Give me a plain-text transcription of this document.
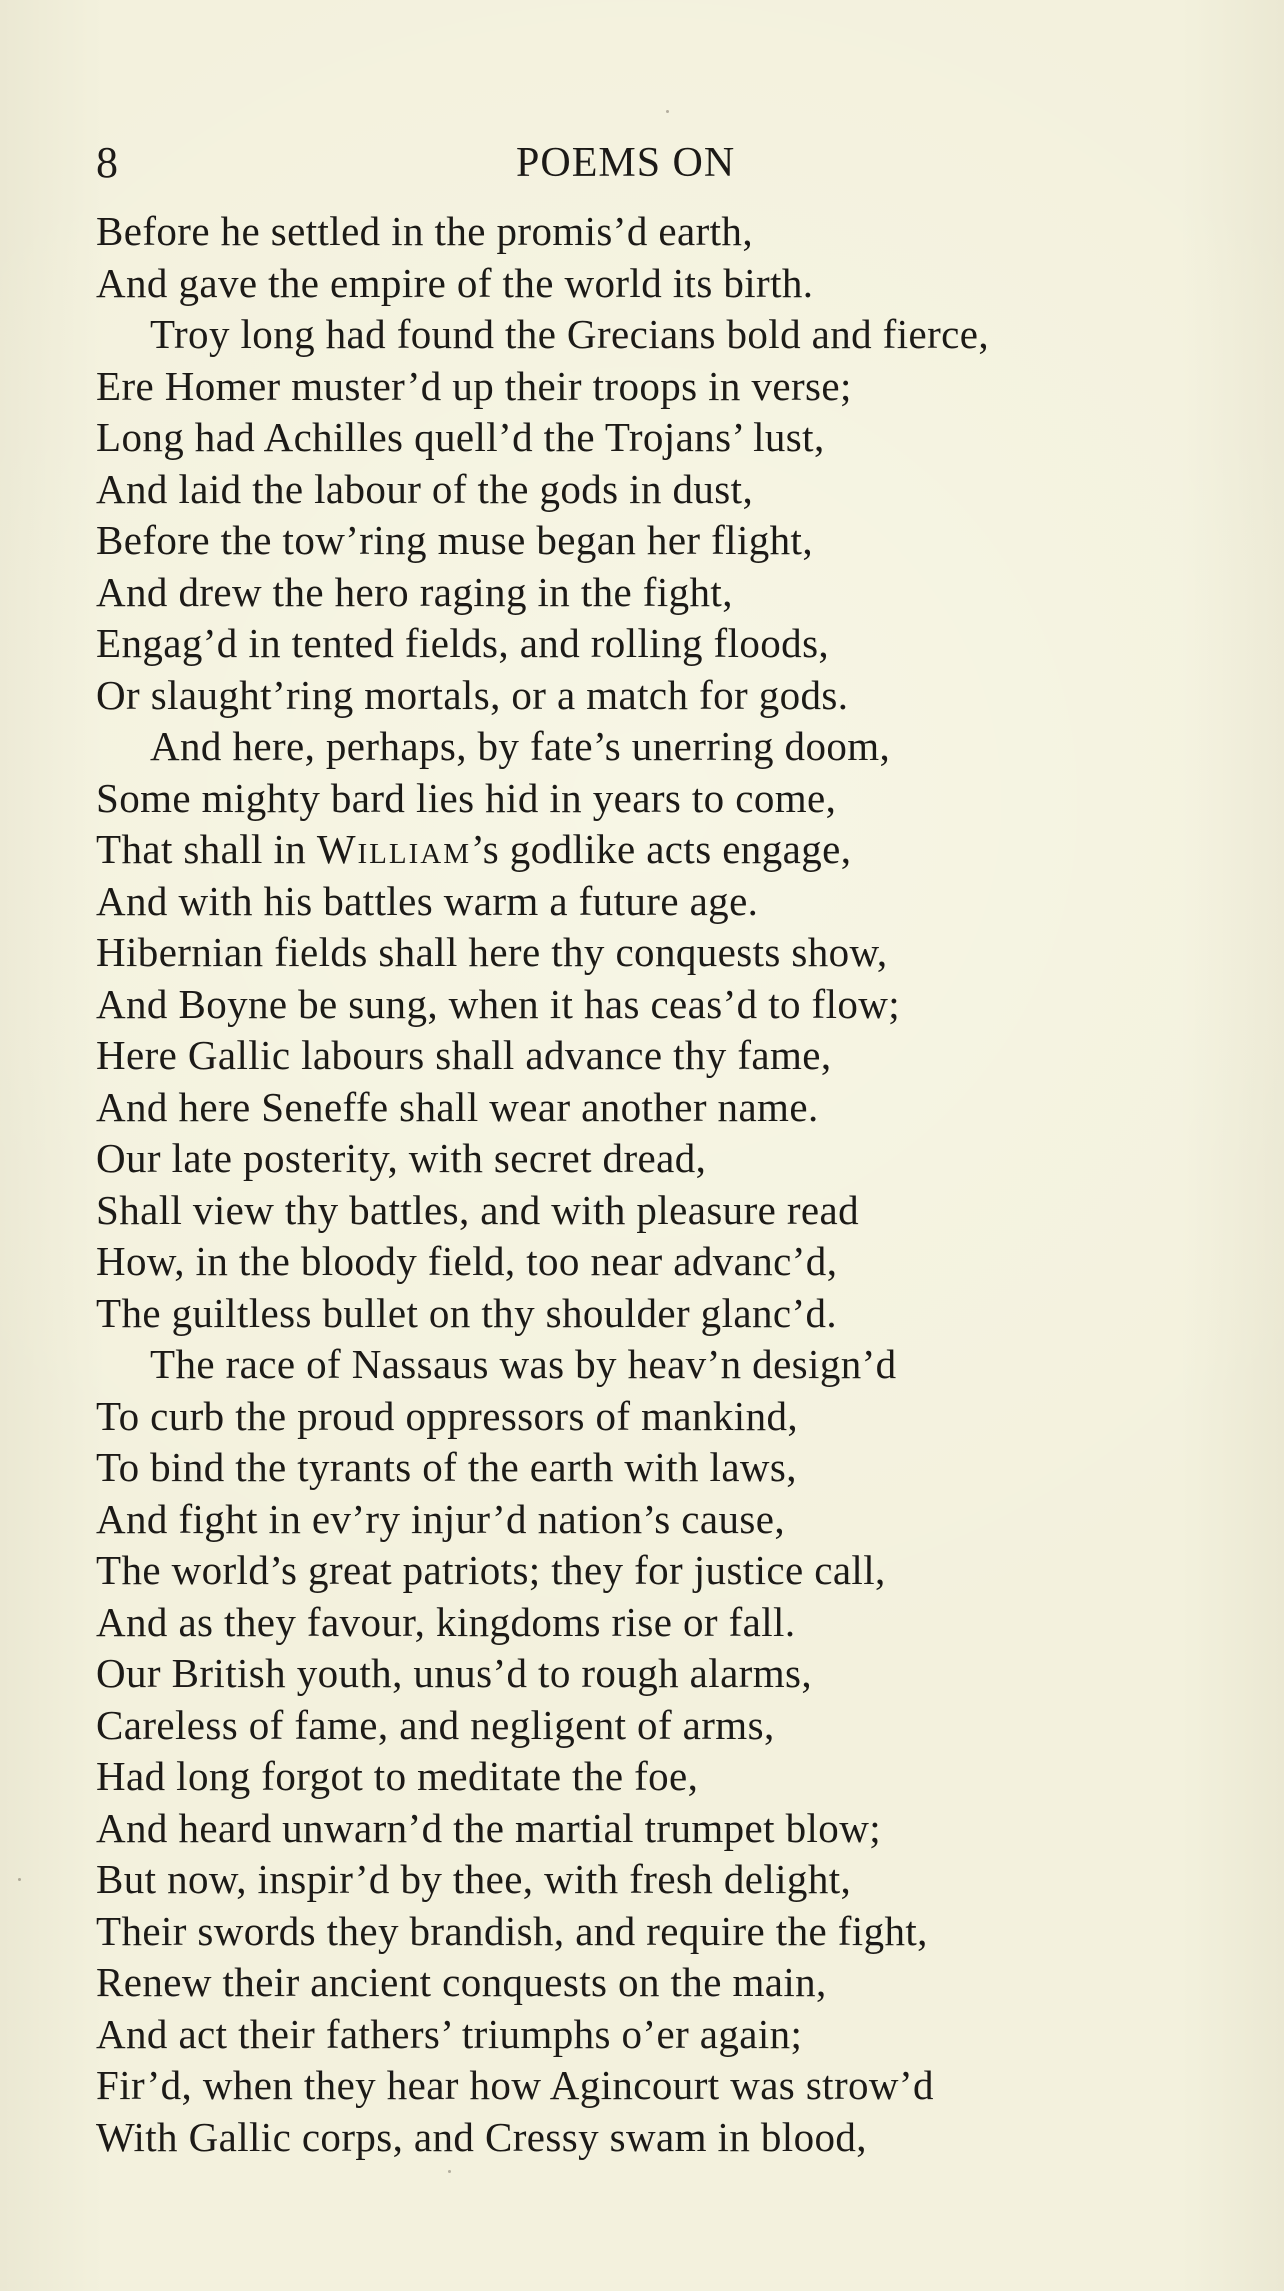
8	POEMS ON
Before he settled in the promis’d earth,
And gave the empire of the world its birth.
Troy long had found the Grecians bold and fierce,
Ere Homer muster’d up their troops in verse;
Long had Achilles quell’d the Trojans’ lust,
And laid the labour of the gods in dust,
Before the tow’ring muse began her flight,
And drew the hero raging in the fight,
Engag’d in tented fields, and rolling floods,
Or slaught’ring mortals, or a match for gods.
And here, perhaps, by fate’s unerring doom,
Some mighty bard lies hid in years to come,
That shall in William’s godlike acts engage,
And with his battles warm a future age.
Hibernian fields shall here thy conquests show,
And Boyne be sung, when it has ceas’d to flow;
Here Gallic labours shall advance thy fame,
And here Seneffe shall wear another name.
Our late posterity, with secret dread,
Shall view thy battles, and with pleasure read
How, in the bloody field, too near advanc’d,
The guiltless bullet on thy shoulder glanc’d.
The race of Nassaus was by heav’n design’d
To curb the proud oppressors of mankind,
To bind the tyrants of the earth with laws,
And fight in ev’ry injur’d nation’s cause,
The world’s great patriots; they for justice call,
And as they favour, kingdoms rise or fall.
Our British youth, unus’d to rough alarms,
Careless of fame, and negligent of arms,
Had long forgot to meditate the foe,
And heard unwarn’d the martial trumpet blow;
But now, inspir’d by thee, with fresh delight,
Their swords they brandish, and require the fight,
Renew their ancient conquests on the main,
And act their fathers’ triumphs o’er again;
Fir’d, when they hear how Agincourt was strow’d
With Gallic corps, and Cressy swam in blood,
